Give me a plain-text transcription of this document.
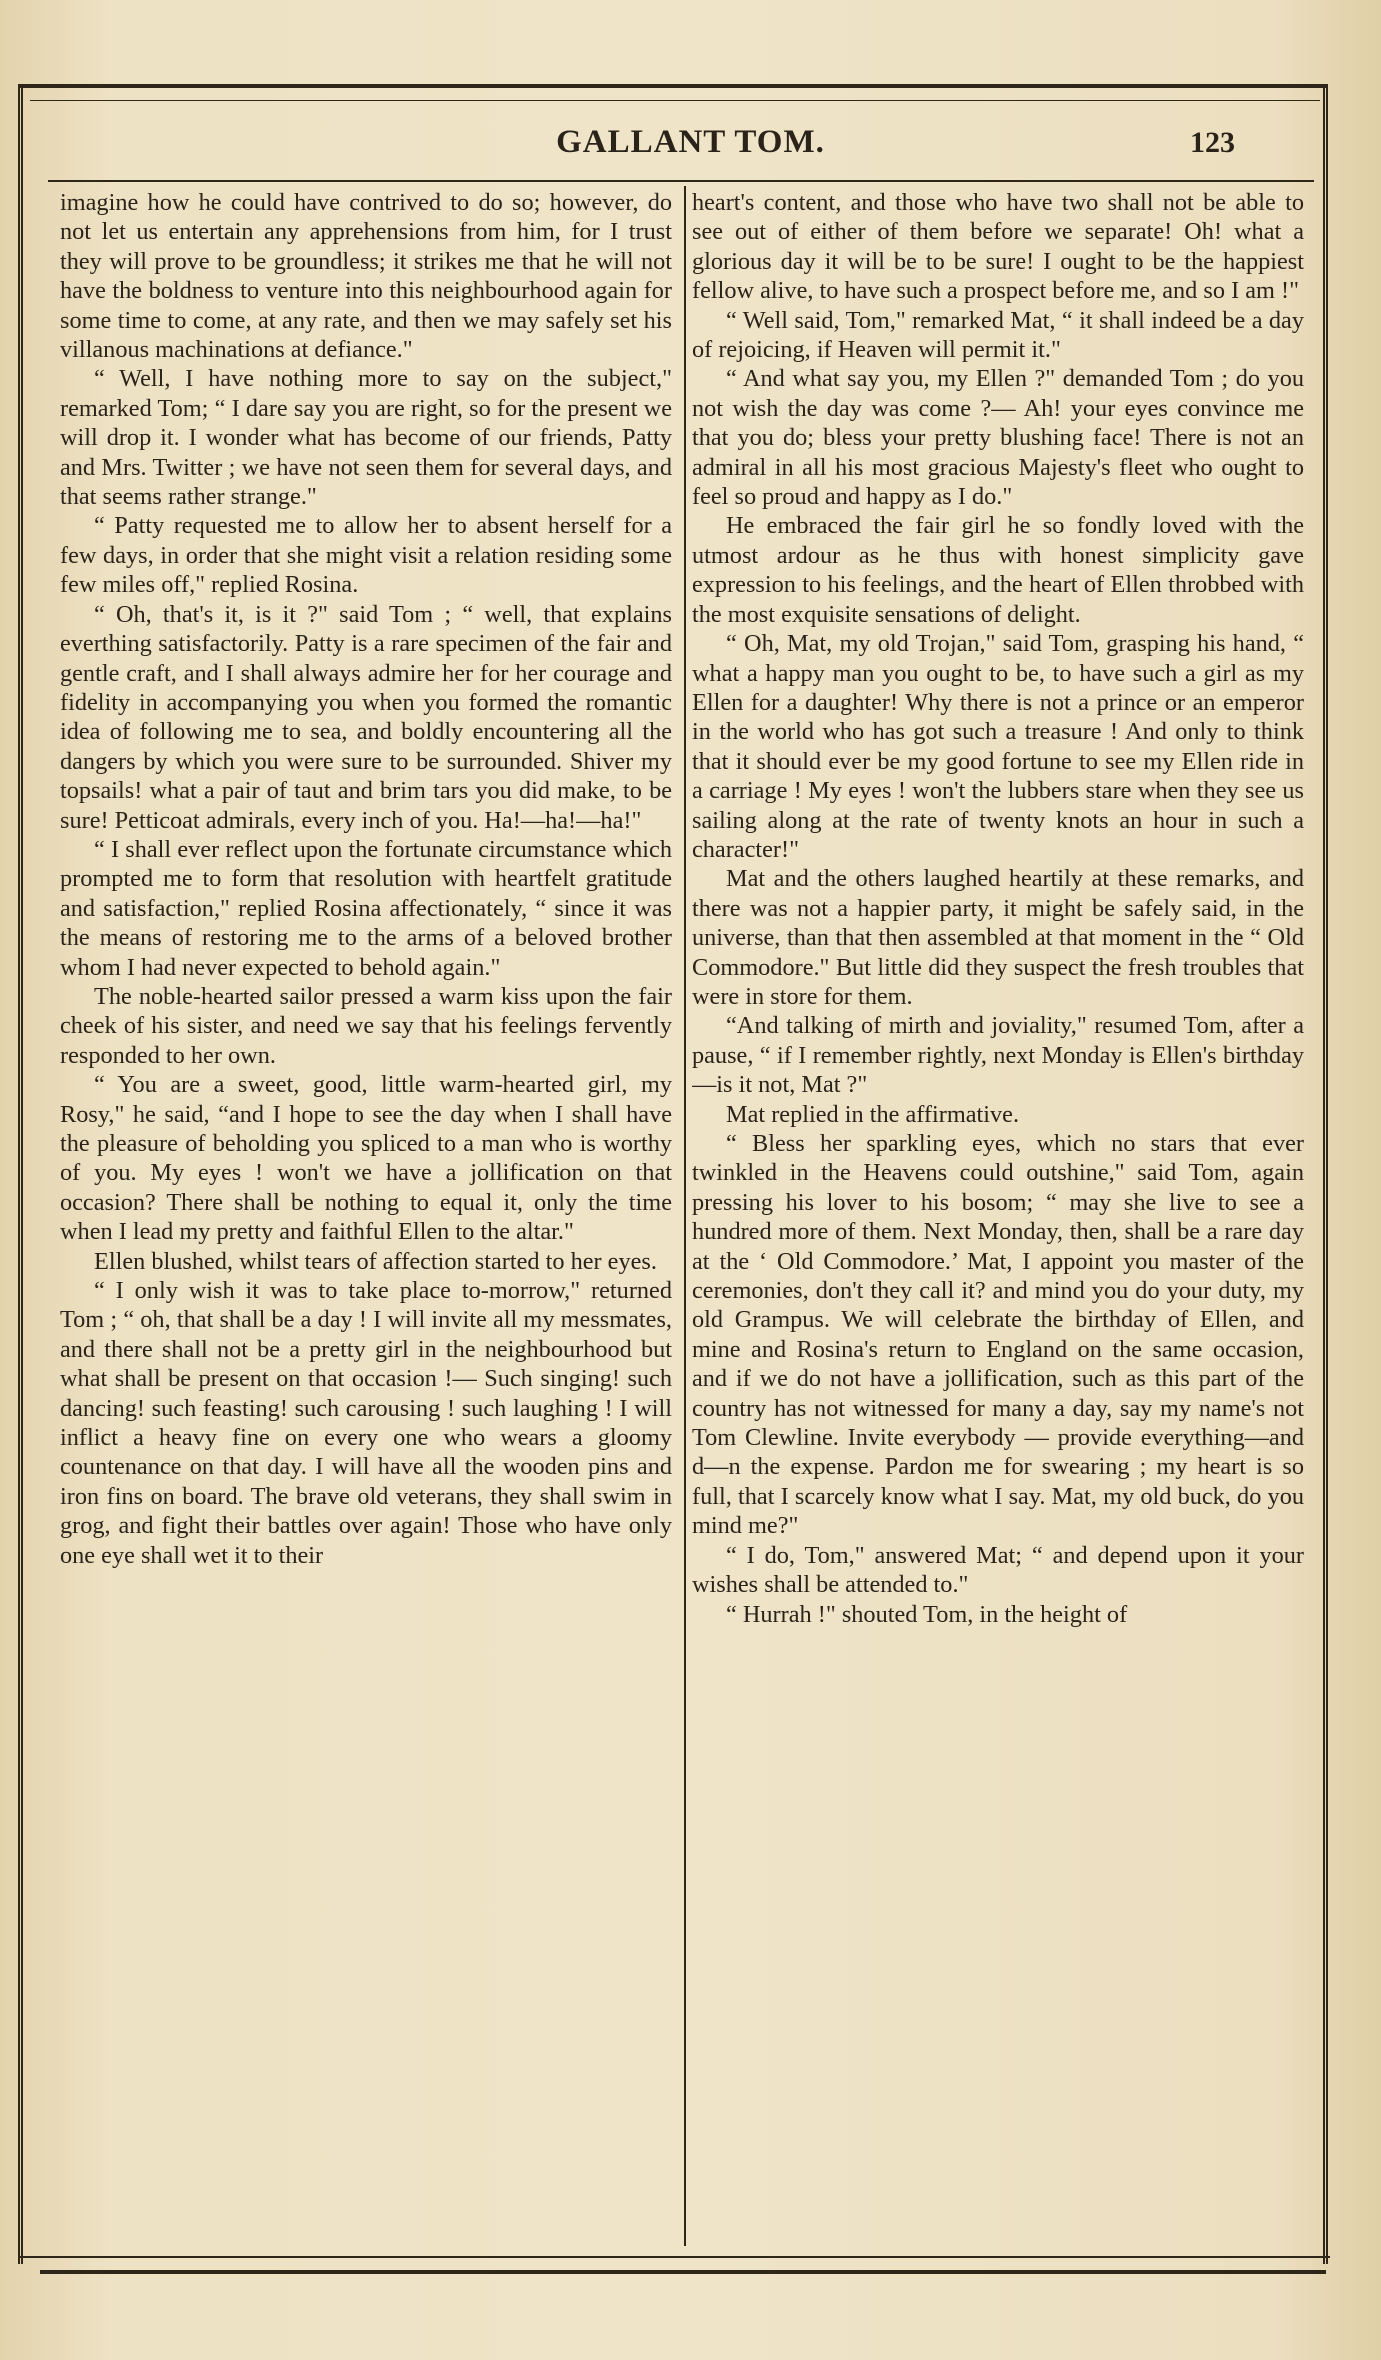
GALLANT TOM.	123

imagine how he could have contrived to do so; however, do not let us entertain any apprehensions from him, for I trust they will prove to be groundless; it strikes me that he will not have the boldness to venture into this neighbourhood again for some time to come, at any rate, and then we may safely set his villanous machinations at defiance."

“ Well, I have nothing more to say on the subject," remarked Tom; “ I dare say you are right, so for the present we will drop it. I wonder what has become of our friends, Patty and Mrs. Twitter ; we have not seen them for several days, and that seems rather strange."

“ Patty requested me to allow her to absent herself for a few days, in order that she might visit a relation residing some few miles off," replied Rosina.

“ Oh, that's it, is it ?" said Tom ; “ well, that explains everthing satisfactorily. Patty is a rare specimen of the fair and gentle craft, and I shall always admire her for her courage and fidelity in accompanying you when you formed the romantic idea of following me to sea, and boldly encountering all the dangers by which you were sure to be surrounded. Shiver my topsails! what a pair of taut and brim tars you did make, to be sure! Petticoat admirals, every inch of you. Ha!—ha!—ha!"

“ I shall ever reflect upon the fortunate circumstance which prompted me to form that resolution with heartfelt gratitude and satisfaction," replied Rosina affectionately, “ since it was the means of restoring me to the arms of a beloved brother whom I had never expected to behold again."

The noble-hearted sailor pressed a warm kiss upon the fair cheek of his sister, and need we say that his feelings fervently responded to her own.

“ You are a sweet, good, little warm-hearted girl, my Rosy," he said, “and I hope to see the day when I shall have the pleasure of beholding you spliced to a man who is worthy of you. My eyes ! won't we have a jollification on that occasion? There shall be nothing to equal it, only the time when I lead my pretty and faithful Ellen to the altar."

Ellen blushed, whilst tears of affection started to her eyes.

“ I only wish it was to take place to-morrow," returned Tom ; “ oh, that shall be a day ! I will invite all my messmates, and there shall not be a pretty girl in the neighbourhood but what shall be present on that occasion !— Such singing! such dancing! such feasting! such carousing ! such laughing ! I will inflict a heavy fine on every one who wears a gloomy countenance on that day. I will have all the wooden pins and iron fins on board. The brave old veterans, they shall swim in grog, and fight their battles over again! Those who have only one eye shall wet it to their

heart's content, and those who have two shall not be able to see out of either of them before we separate! Oh! what a glorious day it will be to be sure! I ought to be the happiest fellow alive, to have such a prospect before me, and so I am !"

“ Well said, Tom," remarked Mat, “ it shall indeed be a day of rejoicing, if Heaven will permit it."

“ And what say you, my Ellen ?" demanded Tom ; do you not wish the day was come ?— Ah! your eyes convince me that you do; bless your pretty blushing face! There is not an admiral in all his most gracious Majesty's fleet who ought to feel so proud and happy as I do."

He embraced the fair girl he so fondly loved with the utmost ardour as he thus with honest simplicity gave expression to his feelings, and the heart of Ellen throbbed with the most exquisite sensations of delight.

“ Oh, Mat, my old Trojan," said Tom, grasping his hand, “ what a happy man you ought to be, to have such a girl as my Ellen for a daughter! Why there is not a prince or an emperor in the world who has got such a treasure ! And only to think that it should ever be my good fortune to see my Ellen ride in a carriage ! My eyes ! won't the lubbers stare when they see us sailing along at the rate of twenty knots an hour in such a character!"

Mat and the others laughed heartily at these remarks, and there was not a happier party, it might be safely said, in the universe, than that then assembled at that moment in the “ Old Commodore." But little did they suspect the fresh troubles that were in store for them.

“And talking of mirth and joviality," resumed Tom, after a pause, “ if I remember rightly, next Monday is Ellen's birthday—is it not, Mat ?"

Mat replied in the affirmative.

“ Bless her sparkling eyes, which no stars that ever twinkled in the Heavens could outshine," said Tom, again pressing his lover to his bosom; “ may she live to see a hundred more of them. Next Monday, then, shall be a rare day at the ‘ Old Commodore.’ Mat, I appoint you master of the ceremonies, don't they call it? and mind you do your duty, my old Grampus. We will celebrate the birthday of Ellen, and mine and Rosina's return to England on the same occasion, and if we do not have a jollification, such as this part of the country has not witnessed for many a day, say my name's not Tom Clewline. Invite everybody — provide everything—and d—n the expense. Pardon me for swearing ; my heart is so full, that I scarcely know what I say. Mat, my old buck, do you mind me?"

“ I do, Tom," answered Mat; “ and depend upon it your wishes shall be attended to."

“ Hurrah !" shouted Tom, in the height of
